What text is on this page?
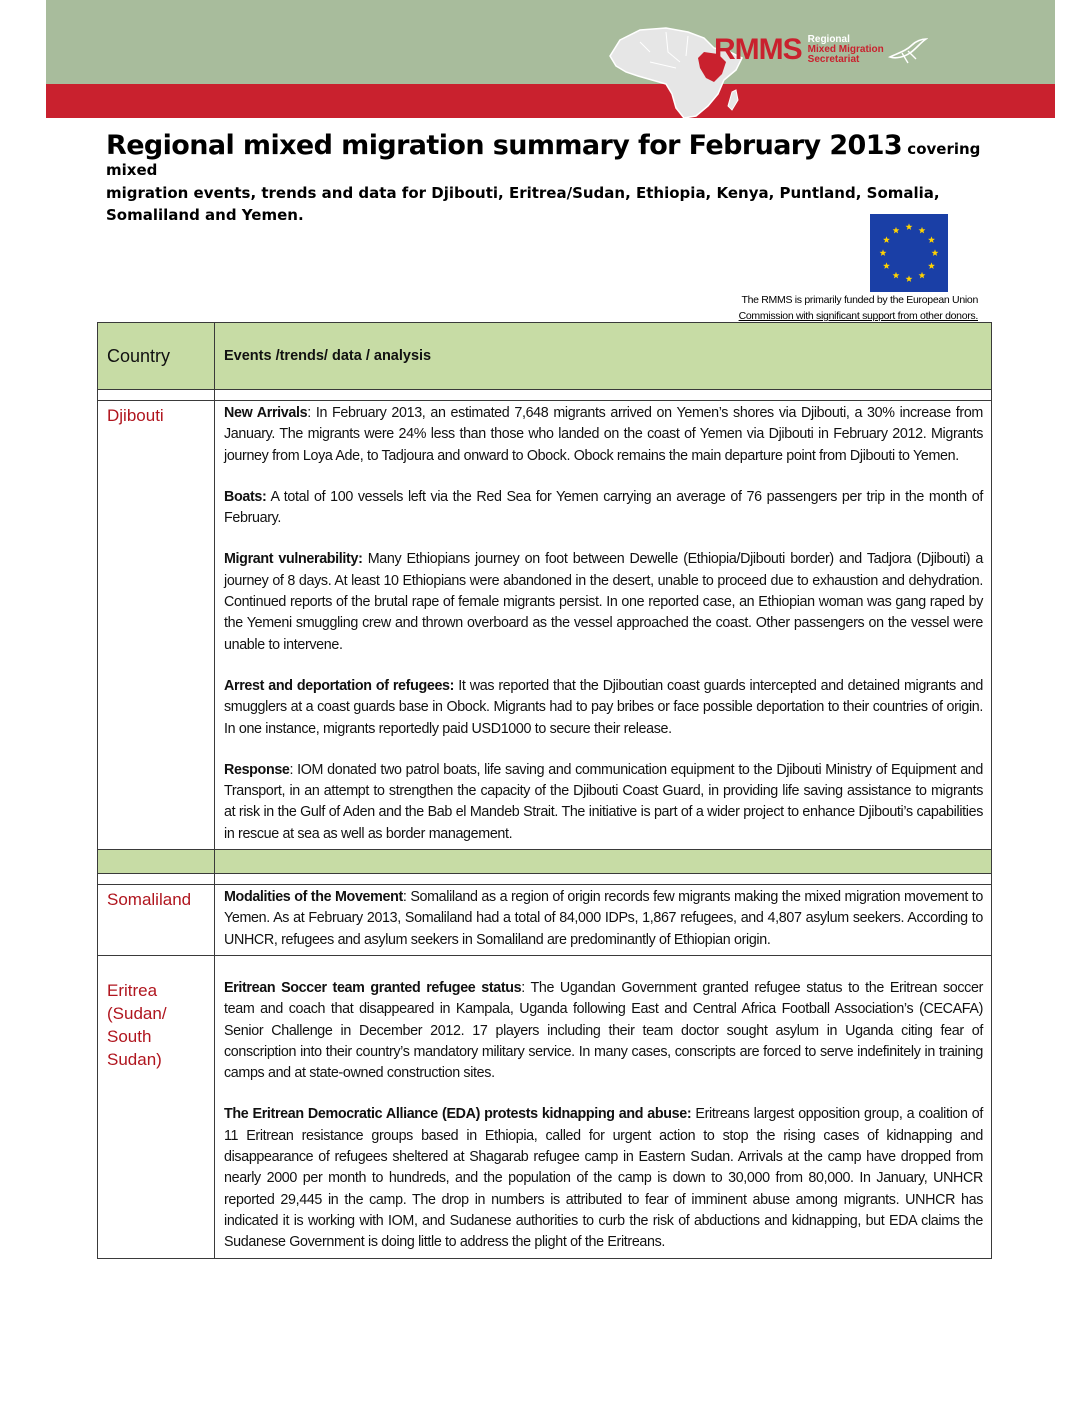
RMMS Regional
Mixed Migration
Secretariat
Regional mixed migration summary for February 2013 covering mixed
migration events, trends and data for Djibouti, Eritrea/Sudan, Ethiopia, Kenya, Puntland, Somalia, Somaliland and Yemen.
The RMMS is primarily funded by the European Union
Commission with significant support from other donors.
Country	Events /trends/ data / analysis

Djibouti	New Arrivals: In February 2013, an estimated 7,648 migrants arrived on Yemen’s shores via Djibouti, a 30% increase from January. The migrants were 24% less than those who landed on the coast of Yemen via Djibouti in February 2012. Migrants journey from Loya Ade, to Tadjoura and onward to Obock. Obock remains the main departure point from Djibouti to Yemen.

Boats: A total of 100 vessels left via the Red Sea for Yemen carrying an average of 76 passengers per trip in the month of February.

Migrant vulnerability: Many Ethiopians journey on foot between Dewelle (Ethiopia/Djibouti border) and Tadjora (Djibouti) a journey of 8 days. At least 10 Ethiopians were abandoned in the desert, unable to proceed due to exhaustion and dehydration. Continued reports of the brutal rape of female migrants persist. In one reported case, an Ethiopian woman was gang raped by the Yemeni smuggling crew and thrown overboard as the vessel approached the coast. Other passengers on the vessel were unable to intervene.

Arrest and deportation of refugees: It was reported that the Djiboutian coast guards intercepted and detained migrants and smugglers at a coast guards base in Obock. Migrants had to pay bribes or face possible deportation to their countries of origin. In one instance, migrants reportedly paid USD1000 to secure their release.

Response: IOM donated two patrol boats, life saving and communication equipment to the Djibouti Ministry of Equipment and Transport, in an attempt to strengthen the capacity of the Djibouti Coast Guard, in providing life saving assistance to migrants at risk in the Gulf of Aden and the Bab el Mandeb Strait. The initiative is part of a wider project to enhance Djibouti’s capabilities in rescue at sea as well as border management.

Somaliland	Modalities of the Movement: Somaliland as a region of origin records few migrants making the mixed migration movement to Yemen. As at February 2013, Somaliland had a total of 84,000 IDPs, 1,867 refugees, and 4,807 asylum seekers. According to UNHCR, refugees and asylum seekers in Somaliland are predominantly of Ethiopian origin.

Eritrea (Sudan/ South Sudan)	Eritrean Soccer team granted refugee status: The Ugandan Government granted refugee status to the Eritrean soccer team and coach that disappeared in Kampala, Uganda following East and Central Africa Football Association’s (CECAFA) Senior Challenge in December 2012. 17 players including their team doctor sought asylum in Uganda citing fear of conscription into their country’s mandatory military service. In many cases, conscripts are forced to serve indefinitely in training camps and at state-owned construction sites.

The Eritrean Democratic Alliance (EDA) protests kidnapping and abuse: Eritreans largest opposition group, a coalition of 11 Eritrean resistance groups based in Ethiopia, called for urgent action to stop the rising cases of kidnapping and disappearance of refugees sheltered at Shagarab refugee camp in Eastern Sudan. Arrivals at the camp have dropped from nearly 2000 per month to hundreds, and the population of the camp is down to 30,000 from 80,000. In January, UNHCR reported 29,445 in the camp. The drop in numbers is attributed to fear of imminent abuse among migrants. UNHCR has indicated it is working with IOM, and Sudanese authorities to curb the risk of abductions and kidnapping, but EDA claims the Sudanese Government is doing little to address the plight of the Eritreans.
